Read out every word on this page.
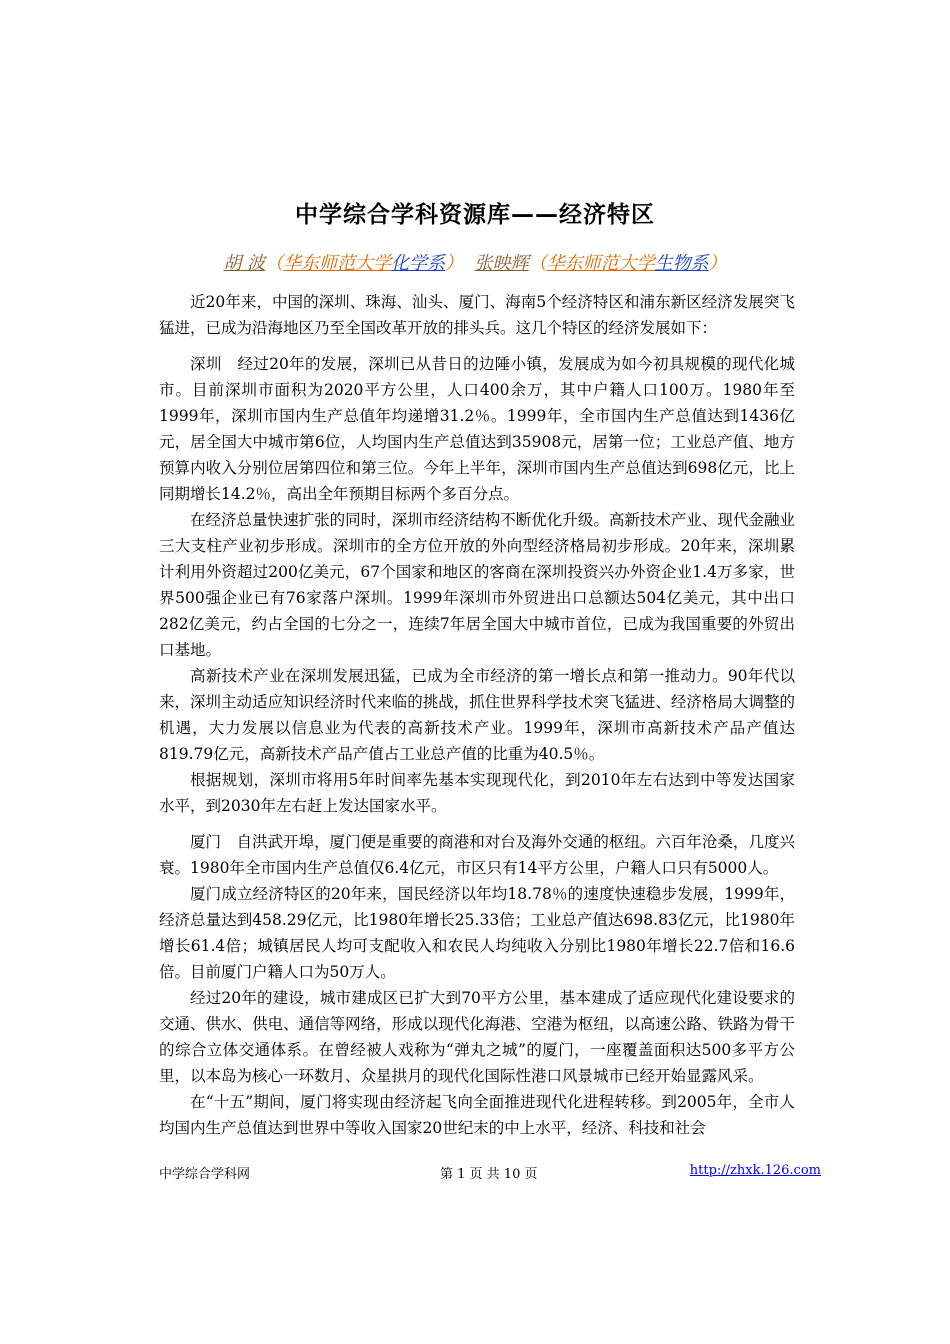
中学综合学科资源库——经济特区
胡 波（华东师范大学化学系） 张映辉（华东师范大学生物系）

近20年来，中国的深圳、珠海、汕头、厦门、海南5个经济特区和浦东新区经济发展突飞猛进，已成为沿海地区乃至全国改革开放的排头兵。这几个特区的经济发展如下：

深圳　经过20年的发展，深圳已从昔日的边陲小镇，发展成为如今初具规模的现代化城市。目前深圳市面积为2020平方公里，人口400余万，其中户籍人口100万。1980年至1999年，深圳市国内生产总值年均递增31.2％。1999年，全市国内生产总值达到1436亿元，居全国大中城市第6位，人均国内生产总值达到35908元，居第一位；工业总产值、地方预算内收入分别位居第四位和第三位。今年上半年，深圳市国内生产总值达到698亿元，比上同期增长14.2％，高出全年预期目标两个多百分点。

在经济总量快速扩张的同时，深圳市经济结构不断优化升级。高新技术产业、现代金融业三大支柱产业初步形成。深圳市的全方位开放的外向型经济格局初步形成。20年来，深圳累计利用外资超过200亿美元，67个国家和地区的客商在深圳投资兴办外资企业1.4万多家，世界500强企业已有76家落户深圳。1999年深圳市外贸进出口总额达504亿美元，其中出口282亿美元，约占全国的七分之一，连续7年居全国大中城市首位，已成为我国重要的外贸出口基地。

高新技术产业在深圳发展迅猛，已成为全市经济的第一增长点和第一推动力。90年代以来，深圳主动适应知识经济时代来临的挑战，抓住世界科学技术突飞猛进、经济格局大调整的机遇，大力发展以信息业为代表的高新技术产业。1999年，深圳市高新技术产品产值达819.79亿元，高新技术产品产值占工业总产值的比重为40.5％。

根据规划，深圳市将用5年时间率先基本实现现代化，到2010年左右达到中等发达国家水平，到2030年左右赶上发达国家水平。

厦门　自洪武开埠，厦门便是重要的商港和对台及海外交通的枢纽。六百年沧桑，几度兴衰。1980年全市国内生产总值仅6.4亿元，市区只有14平方公里，户籍人口只有5000人。

厦门成立经济特区的20年来，国民经济以年均18.78％的速度快速稳步发展，1999年，经济总量达到458.29亿元，比1980年增长25.33倍；工业总产值达698.83亿元，比1980年增长61.4倍；城镇居民人均可支配收入和农民人均纯收入分别比1980年增长22.7倍和16.6倍。目前厦门户籍人口为50万人。

经过20年的建设，城市建成区已扩大到70平方公里，基本建成了适应现代化建设要求的交通、供水、供电、通信等网络，形成以现代化海港、空港为枢纽，以高速公路、铁路为骨干的综合立体交通体系。在曾经被人戏称为“弹丸之城”的厦门，一座覆盖面积达500多平方公里，以本岛为核心一环数月、众星拱月的现代化国际性港口风景城市已经开始显露风采。

在“十五”期间，厦门将实现由经济起飞向全面推进现代化进程转移。到2005年，全市人均国内生产总值达到世界中等收入国家20世纪末的中上水平，经济、科技和社会

中学综合学科网	第 1 页 共 10 页	http://zhxk.126.com
